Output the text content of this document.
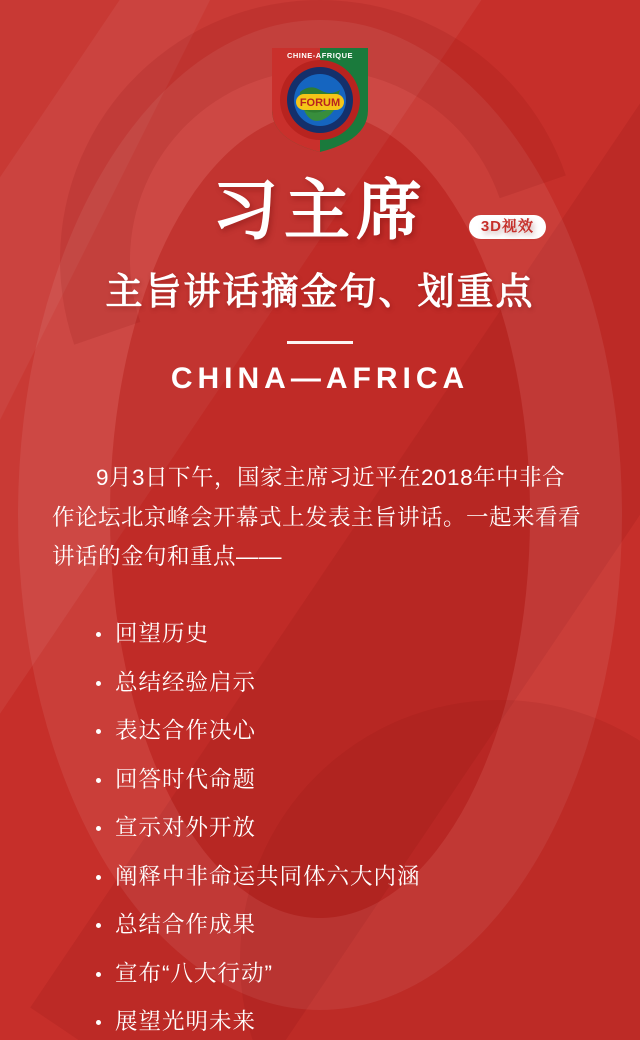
FORUM
CHINE-AFRIQUE
习主席	3D视效
主旨讲话摘金句、划重点
CHINA—AFRICA

9月3日下午，国家主席习近平在2018年中非合作论坛北京峰会开幕式上发表主旨讲话。一起来看看讲话的金句和重点——

回望历史
总结经验启示
表达合作决心
回答时代命题
宣示对外开放
阐释中非命运共同体六大内涵
总结合作成果
宣布“八大行动”
展望光明未来
